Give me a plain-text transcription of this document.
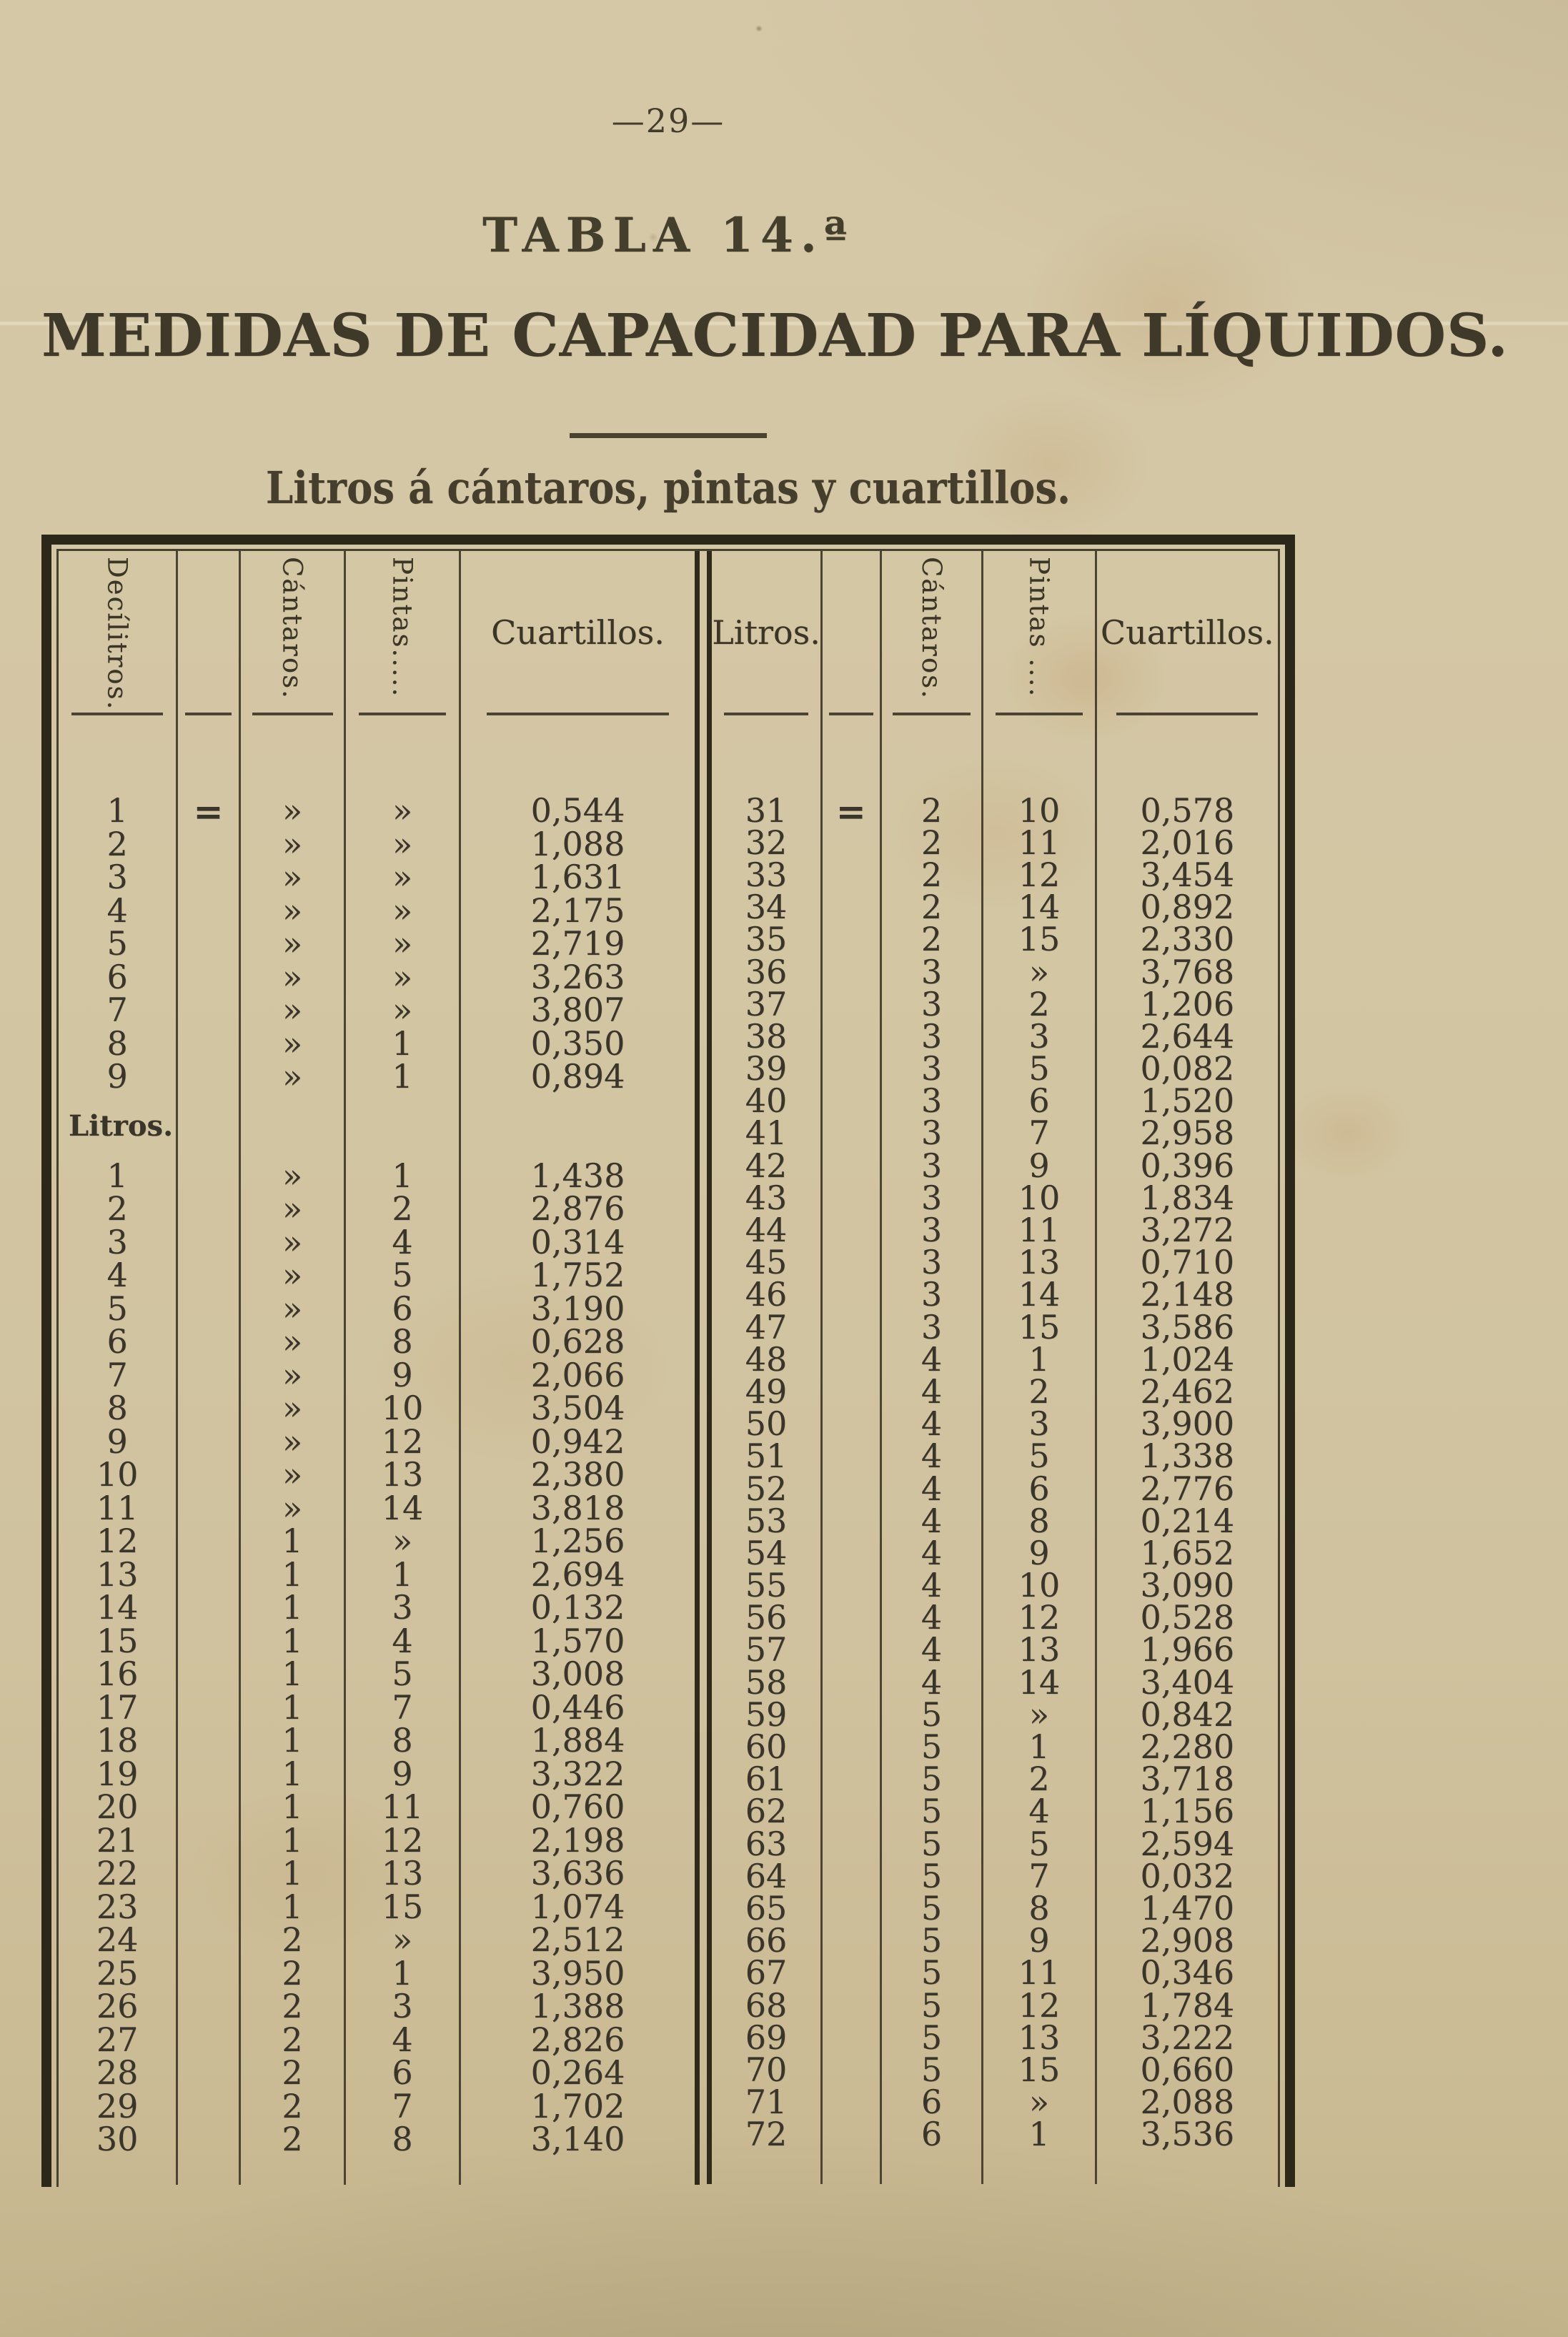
—29—
TABLA 14.ª
MEDIDAS DE CAPACIDAD PARA LÍQUIDOS.
Litros á cántaros, pintas y cuartillos.
Decílitros.	Cántaros.	Pintas..... Cuartillos.
1	=	»	»	0,544
2	»	»	1,088
3	»	»	1,631
4	»	»	2,175
5	»	»	2,719
6	»	»	3,263
7	»	»	3,807
8	»	1	0,350
9	»	1	0,894
Litros.
1	»	1	1,438
2	»	2	2,876
3	»	4	0,314
4	»	5	1,752
5	»	6	3,190
6	»	8	0,628
7	»	9	2,066
8	»	10	3,504
9	»	12	0,942
10	»	13	2,380
11	»	14	3,818
12	1	»	1,256
13	1	1	2,694
14	1	3	0,132
15	1	4	1,570
16	1	5	3,008
17	1	7	0,446
18	1	8	1,884
19	1	9	3,322
20	1	11	0,760
21	1	12	2,198
22	1	13	3,636
23	1	15	1,074
24	2	»	2,512
25	2	1	3,950
26	2	3	1,388
27	2	4	2,826
28	2	6	0,264
29	2	7	1,702
30	2	8	3,140
Litros.	Cántaros.	Pintas .... Cuartillos.
31	=	2	10	0,578
32	2	11	2,016
33	2	12	3,454
34	2	14	0,892
35	2	15	2,330
36	3	»	3,768
37	3	2	1,206
38	3	3	2,644
39	3	5	0,082
40	3	6	1,520
41	3	7	2,958
42	3	9	0,396
43	3	10	1,834
44	3	11	3,272
45	3	13	0,710
46	3	14	2,148
47	3	15	3,586
48	4	1	1,024
49	4	2	2,462
50	4	3	3,900
51	4	5	1,338
52	4	6	2,776
53	4	8	0,214
54	4	9	1,652
55	4	10	3,090
56	4	12	0,528
57	4	13	1,966
58	4	14	3,404
59	5	»	0,842
60	5	1	2,280
61	5	2	3,718
62	5	4	1,156
63	5	5	2,594
64	5	7	0,032
65	5	8	1,470
66	5	9	2,908
67	5	11	0,346
68	5	12	1,784
69	5	13	3,222
70	5	15	0,660
71	6	»	2,088
72	6	1	3,536
